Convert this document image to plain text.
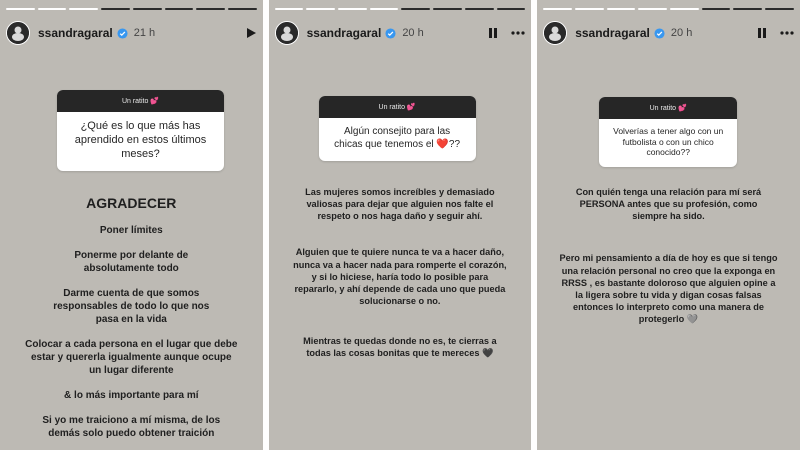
ssandragaral 21 h
Un ratito 💕
¿Qué es lo que más has aprendido en estos últimos meses?
AGRADECER
Poner límites
Ponerme por delante de absolutamente todo
Darme cuenta de que somos responsables de todo lo que nos pasa en la vida
Colocar a cada persona en el lugar que debe estar y quererla igualmente aunque ocupe un lugar diferente
& lo más importante para mí
Si yo me traiciono a mí misma, de los demás solo puedo obtener traición
ssandragaral 20 h
Un ratito 💕
Algún consejito para las chicas que tenemos el ❤️??
Las mujeres somos increíbles y demasiado valiosas para dejar que alguien nos falte el respeto o nos haga daño y seguir ahí.
Alguien que te quiere nunca te va a hacer daño, nunca va a hacer nada para romperte el corazón, y si lo hiciese, haría todo lo posible para repararlo, y ahí depende de cada uno que pueda solucionarse o no.
Mientras te quedas donde no es, te cierras a todas las cosas bonitas que te mereces 🖤
ssandragaral 20 h
Un ratito 💕
Volverías a tener algo con un futbolista o con un chico conocido??
Con quién tenga una relación para mí será PERSONA antes que su profesión, como siempre ha sido.
Pero mi pensamiento a día de hoy es que si tengo una relación personal no creo que la exponga en RRSS , es bastante doloroso que alguien opine a la ligera sobre tu vida y digan cosas falsas entonces lo interpreto como una manera de protegerlo 🩶
